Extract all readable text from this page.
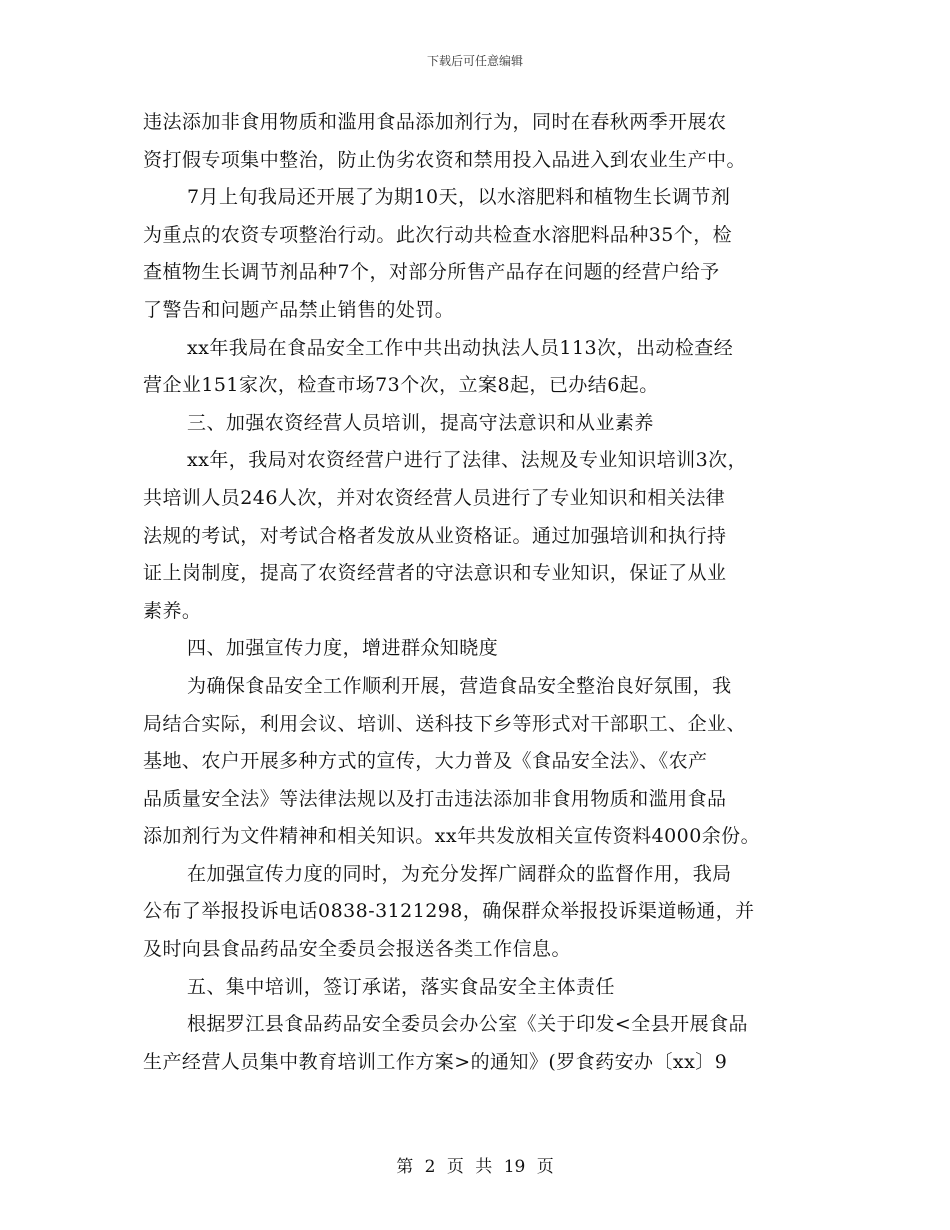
下载后可任意编辑
违法添加非食用物质和滥用食品添加剂行为，同时在春秋两季开展农
资打假专项集中整治，防止伪劣农资和禁用投入品进入到农业生产中。
7月上旬我局还开展了为期10天，以水溶肥料和植物生长调节剂
为重点的农资专项整治行动。此次行动共检查水溶肥料品种35个，检
查植物生长调节剂品种7个，对部分所售产品存在问题的经营户给予
了警告和问题产品禁止销售的处罚。
xx年我局在食品安全工作中共出动执法人员113次，出动检查经
营企业151家次，检查市场73个次，立案8起，已办结6起。
三、加强农资经营人员培训，提高守法意识和从业素养
xx年，我局对农资经营户进行了法律、法规及专业知识培训3次，
共培训人员246人次，并对农资经营人员进行了专业知识和相关法律
法规的考试，对考试合格者发放从业资格证。通过加强培训和执行持
证上岗制度，提高了农资经营者的守法意识和专业知识，保证了从业
素养。
四、加强宣传力度，增进群众知晓度
为确保食品安全工作顺利开展，营造食品安全整治良好氛围，我
局结合实际，利用会议、培训、送科技下乡等形式对干部职工、企业、
基地、农户开展多种方式的宣传，大力普及《食品安全法》、《农产
品质量安全法》等法律法规以及打击违法添加非食用物质和滥用食品
添加剂行为文件精神和相关知识。xx年共发放相关宣传资料4000余份。
在加强宣传力度的同时，为充分发挥广阔群众的监督作用，我局
公布了举报投诉电话0838-3121298，确保群众举报投诉渠道畅通，并
及时向县食品药品安全委员会报送各类工作信息。
五、集中培训，签订承诺，落实食品安全主体责任
根据罗江县食品药品安全委员会办公室《关于印发<全县开展食品
生产经营人员集中教育培训工作方案>的通知》(罗食药安办〔xx〕9
第 2 页 共 19 页
